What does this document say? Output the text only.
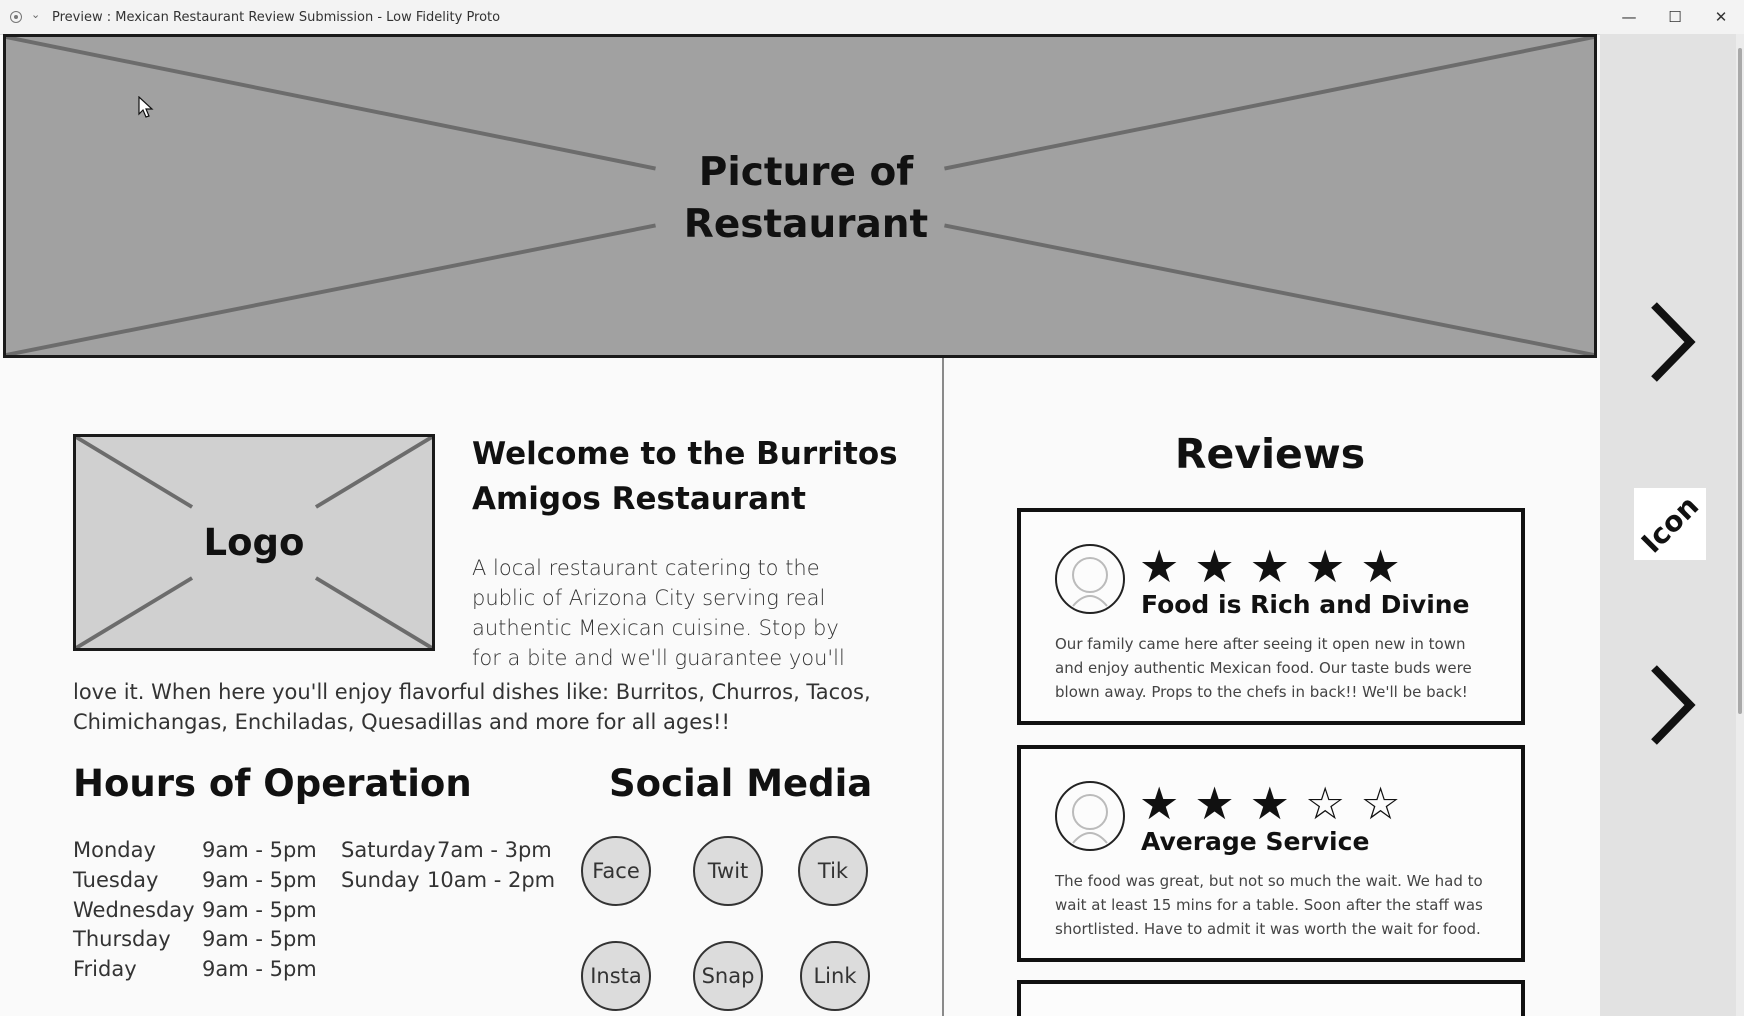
⌄ Preview : Mexican Restaurant Review Submission - Low Fidelity Proto	—	☐	✕
Icon
Picture of Restaurant
Logo
Welcome to the Burritos Amigos Restaurant
A local restaurant catering to the public of Arizona City serving real authentic Mexican cuisine. Stop by for a bite and we'll guarantee you'll
love it. When here you'll enjoy flavorful dishes like: Burritos, Churros, Tacos, Chimichangas, Enchiladas, Quesadillas and more for all ages!!
Hours of Operation
Monday 9am - 5pm
Tuesday 9am - 5pm
Wednesday 9am - 5pm
Thursday 9am - 5pm
Friday	9am - 5pm
Saturday 7am - 3pm
Sunday 10am - 2pm
Social Media
Face	Twit	Tik
Insta	Snap	Link
Reviews
★★★★★
Food is Rich and Divine
Our family came here after seeing it open new in town and enjoy authentic Mexican food. Our taste buds were blown away. Props to the chefs in back!! We'll be back!
★★★☆☆
Average Service
The food was great, but not so much the wait. We had to wait at least 15 mins for a table. Soon after the staff was shortlisted. Have to admit it was worth the wait for food.
